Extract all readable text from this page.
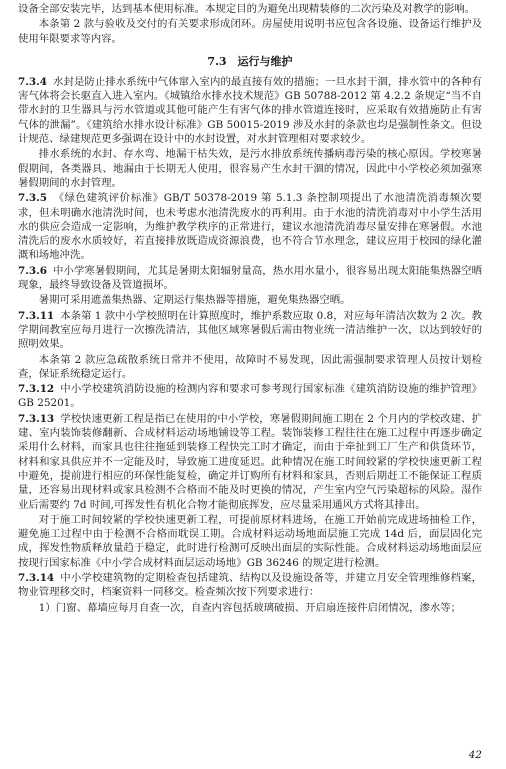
设备全部安装完毕，达到基本使用标准。本规定目的为避免出现精装修的二次污染及对教学的影响。

本条第 2 款与验收及交付的有关要求形成闭环。房屋使用说明书应包含各设施、设备运行维护及使用年限要求等内容。

7.3　运行与维护

7.3.4 水封是防止排水系统中气体窜入室内的最直接有效的措施；一旦水封干涸，排水管中的各种有害气体将会长驱直入进入室内。《城镇给水排水技术规范》GB 50788-2012 第 4.2.2 条规定“当不自带水封的卫生器具与污水管道或其他可能产生有害气体的排水管道连接时，应采取有效措施防止有害气体的泄漏”。《建筑给水排水设计标准》GB 50015-2019 涉及水封的条款也均是强制性条文。但设计规范、绿建规范更多强调在设计中的水封设置，对水封管理相对要求较少。

排水系统的水封、存水弯、地漏干枯失效，是污水排放系统传播病毒污染的核心原因。学校寒暑假期间，各类器具、地漏由于长期无人使用，很容易产生水封干涸的情况，因此中小学校必须加强寒暑假期间的水封管理。

7.3.5 《绿色建筑评价标准》GB/T 50378-2019 第 5.1.3 条控制项提出了水池清洗消毒频次要求，但未明确水池清洗时间，也未考虑水池清洗废水的再利用。由于水池的清洗消毒对中小学生活用水的供应会造成一定影响，为维护教学秩序的正常进行，建议水池清洗消毒尽量安排在寒暑假。水池清洗后的废水水质较好，若直接排放既造成资源浪费，也不符合节水理念，建议应用于校园的绿化灌溉和场地冲洗。

7.3.6 中小学寒暑假期间，尤其是暑期太阳辐射量高，热水用水量小，很容易出现太阳能集热器空晒现象，最终导致设备及管道损坏。

暑期可采用遮盖集热器、定期运行集热器等措施，避免集热器空晒。

7.3.11 本条第 1 款中小学校照明在计算照度时，维护系数应取 0.8，对应每年清洁次数为 2 次。教学期间教室应每月进行一次擦洗清洁，其他区域寒暑假后需由物业统一清洁维护一次，以达到较好的照明效果。

本条第 2 款应急疏散系统日常并不使用，故障时不易发现，因此需强制要求管理人员按计划检查，保证系统稳定运行。

7.3.12 中小学校建筑消防设施的检测内容和要求可参考现行国家标准《建筑消防设施的维护管理》GB 25201。

7.3.13 学校快速更新工程是指已在使用的中小学校，寒暑假期间施工期在 2 个月内的学校改建、扩建、室内装饰装修翻新、合成材料运动场地铺设等工程。装饰装修工程往往在施工过程中再逐步确定采用什么材料，而家具也往往拖延到装修工程快完工时才确定，而由于牵扯到工厂生产和供货环节，材料和家具供应并不一定能及时，导致施工进度延迟。此种情况在施工时间较紧的学校快速更新工程中避免，提前进行相应的环保性能复检，确定并订购所有材料和家具，否则后期赶工不能保证工程质量，还容易出现材料或家具检测不合格而不能及时更换的情况，产生室内空气污染超标的风险。湿作业后需要约 7d 时间,可挥发性有机化合物才能彻底挥发，应尽量采用通风方式将其排出。

对于施工时间较紧的学校快速更新工程，可提前原材料进场，在施工开始前完成进场抽检工作，避免施工过程中由于检测不合格而耽误工期。合成材料运动场地面层施工完成 14d 后，面层固化完成，挥发性物质释放量趋于稳定，此时进行检测可反映出面层的实际性能。合成材料运动场地面层应按现行国家标准《中小学合成材料面层运动场地》GB 36246 的规定进行检测。

7.3.14 中小学校建筑物的定期检查包括建筑、结构以及设施设备等，并建立月安全管理维修档案，物业管理移交时，档案资料一同移交。检查频次按下列要求进行：

1）门窗、幕墙应每月自查一次，自查内容包括玻璃破损、开启扇连接件启闭情况，渗水等；

42
